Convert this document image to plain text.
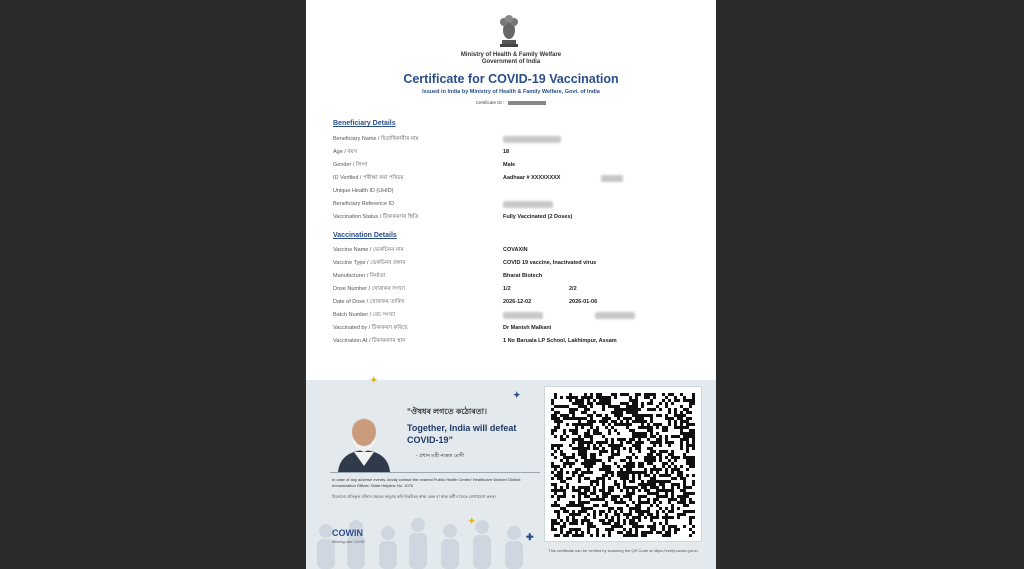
Ministry of Health & Family Welfare
Government of India
Certificate for COVID-19 Vaccination
Issued in India by Ministry of Health & Family Welfare, Govt. of India
Certificate ID :
Beneficiary Details
Beneficiary Name / হিতাধিকাৰীৰ নাম
Age / বয়স	18
Gender / লিংগ	Male
ID Verified / পৰীক্ষা কৰা পৰিচয়	Aadhaar # XXXXXXXX
Unique Health ID (UHID)
Beneficiary Reference ID
Vaccination Status / টিকাকৰণৰ স্থিতি	Fully Vaccinated (2 Doses)
Vaccination Details
Vaccine Name / ভেকচিনৰ নাম	COVAXIN
Vaccine Type / ভেকচিনৰ প্ৰকাৰ	COVID 19 vaccine, Inactivated virus
Manufacturer / নিৰ্মাতা	Bharat Biotech
Dose Number / খোৰাকৰ সংখ্যা	1/2	2/2
Date of Dose / খোৰাকৰ তাৰিখ	2026-12-02	2026-01-06
Batch Number / বেচ সংখ্যা
Vaccinated by / টিকাকৰণ কৰিছে	Dr Manish Malkani
Vaccination At / টিকাকৰণৰ স্থান	1 No Baruala LP School, Lakhimpur, Assam
✦
✦
✦
✚
“ঔষধৰ লগতে কঠোৰতা।
Together, India will defeat COVID-19”
- প্ৰধান মন্ত্ৰী নৰেন্দ্ৰ মোদী
In case of any adverse events, kindly contact the nearest Public Health Center/ Healthcare Worker/ District Immunization Officer/ State Helpline No. 1075
যিকোনো প্ৰতিকূল ঘটনাৰ ক্ষেত্ৰত অনুগ্ৰহ কৰি নিকটতম স্বাস্থ্য কেন্দ্ৰ বা স্বাস্থ্য কৰ্মীৰ সৈতে যোগাযোগ কৰক।
COWIN
Winning over COVID
This certificate can be verified by scanning the QR Code at https://verify.cowin.gov.in
